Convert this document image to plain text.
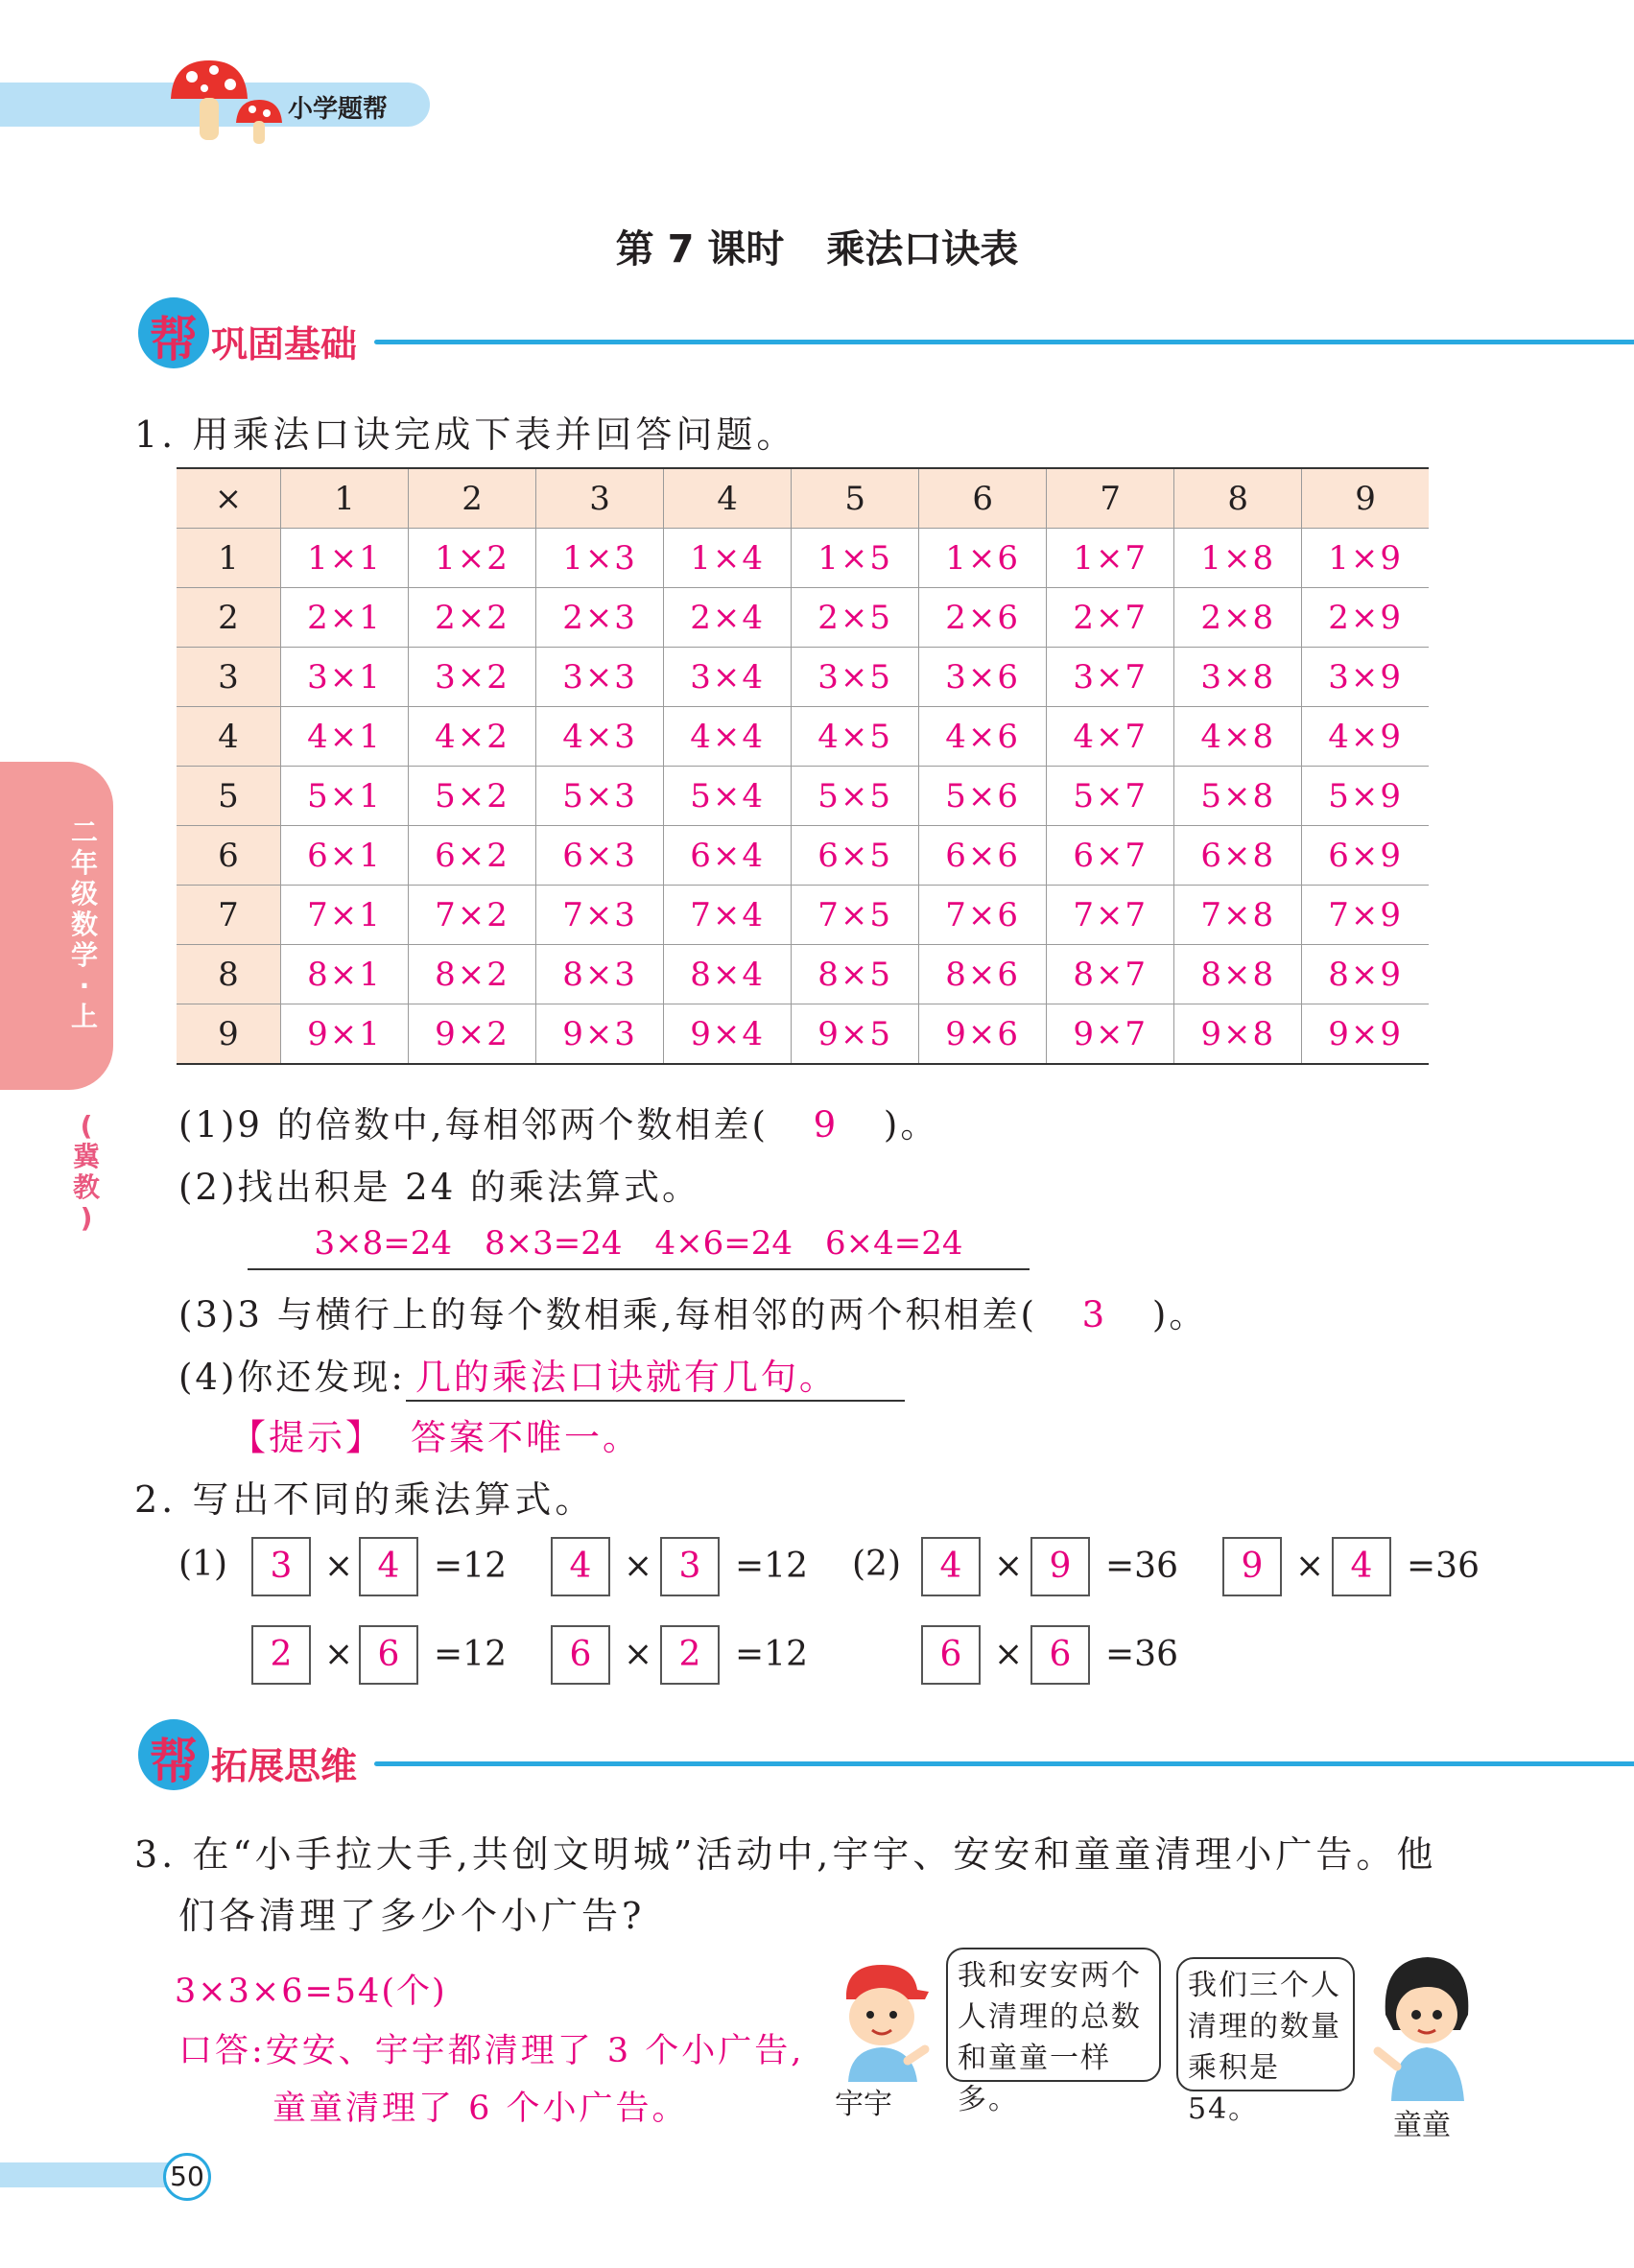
小学题帮
第 7 课时 乘法口诀表
帮 巩固基础
1. 用乘法口诀完成下表并回答问题。
×	1	2	3	4	5	6	7	8	9
1	1×1	1×2	1×3	1×4	1×5	1×6	1×7	1×8	1×9
2	2×1	2×2	2×3	2×4	2×5	2×6	2×7	2×8	2×9
3	3×1	3×2	3×3	3×4	3×5	3×6	3×7	3×8	3×9
4	4×1	4×2	4×3	4×4	4×5	4×6	4×7	4×8	4×9
5	5×1	5×2	5×3	5×4	5×5	5×6	5×7	5×8	5×9
6	6×1	6×2	6×3	6×4	6×5	6×6	6×7	6×8	6×9
7	7×1	7×2	7×3	7×4	7×5	7×6	7×7	7×8	7×9
8	8×1	8×2	8×3	8×4	8×5	8×6	8×7	8×8	8×9
9	9×1	9×2	9×3	9×4	9×5	9×6	9×7	9×8	9×9
(1)9 的倍数中,每相邻两个数相差( 9 )。
(2)找出积是 24 的乘法算式。
3×8=24　8×3=24　4×6=24　6×4=24
(3)3 与横行上的每个数相乘,每相邻的两个积相差( 3 )。
(4)你还发现: 几的乘法口诀就有几句。
【提示】 答案不唯一。
2. 写出不同的乘法算式。
(1)	3 × 4 =12	4 × 3 =12 (2)	4 × 9 =36	9 × 4 =36
2 × 6 =12	6 × 2 =12	6 × 6 =36
帮 拓展思维
3. 在“小手拉大手,共创文明城”活动中,宇宇、安安和童童清理小广告。他
们各清理了多少个小广告?
3×3×6=54(个)
口答:安安、宇宇都清理了 3 个小广告,
童童清理了 6 个小广告。	宇宇
我和安安两个
人清理的总数
和童童一样多。
我们三个人
清理的数量
乘积是54。	童童
二
年
级
数
学
·
上
(
冀
教
)
50
